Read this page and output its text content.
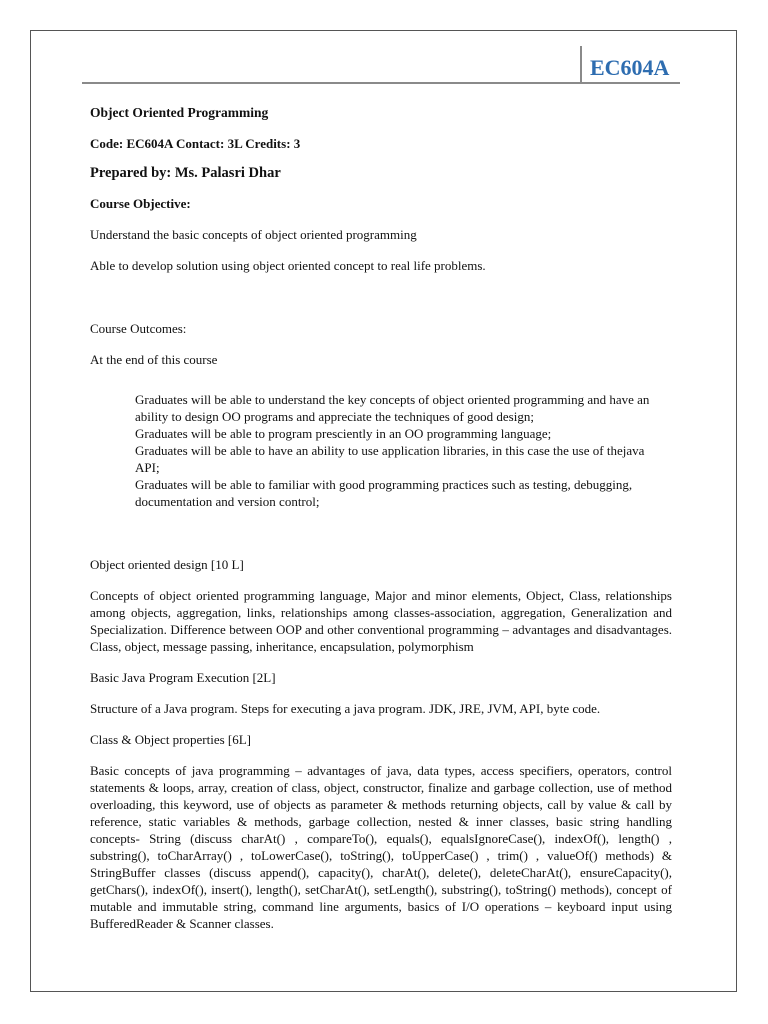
EC604A

Object Oriented Programming

Code: EC604A Contact: 3L Credits: 3

Prepared by: Ms. Palasri Dhar

Course Objective:

Understand the basic concepts of object oriented programming

Able to develop solution using object oriented concept to real life problems.

Course Outcomes:

At the end of this course

Graduates will be able to understand the key concepts of object oriented programming and have an ability to design OO programs and appreciate the techniques of good design;

Graduates will be able to program presciently in an OO programming language;

Graduates will be able to have an ability to use application libraries, in this case the use of thejava API;

Graduates will be able to familiar with good programming practices such as testing, debugging, documentation and version control;

Object oriented design [10 L]

Concepts of object oriented programming language, Major and minor elements, Object, Class, relationships among objects, aggregation, links, relationships among classes-association, aggregation, Generalization and Specialization. Difference between OOP and other conventional programming – advantages and disadvantages. Class, object, message passing, inheritance, encapsulation, polymorphism

Basic Java Program Execution [2L]

Structure of a Java program. Steps for executing a java program. JDK, JRE, JVM, API, byte code.

Class & Object properties [6L]

Basic concepts of java programming – advantages of java, data types, access specifiers, operators, control statements & loops, array, creation of class, object, constructor, finalize and garbage collection, use of method overloading, this keyword, use of objects as parameter & methods returning objects, call by value & call by reference, static variables & methods, garbage collection, nested & inner classes, basic string handling concepts- String (discuss charAt() , compareTo(), equals(), equalsIgnoreCase(), indexOf(), length() , substring(), toCharArray() , toLowerCase(), toString(), toUpperCase() , trim() , valueOf() methods) & StringBuffer classes (discuss append(), capacity(), charAt(), delete(), deleteCharAt(), ensureCapacity(), getChars(), indexOf(), insert(), length(), setCharAt(), setLength(), substring(), toString() methods), concept of mutable and immutable string, command line arguments, basics of I/O operations – keyboard input using BufferedReader & Scanner classes.
